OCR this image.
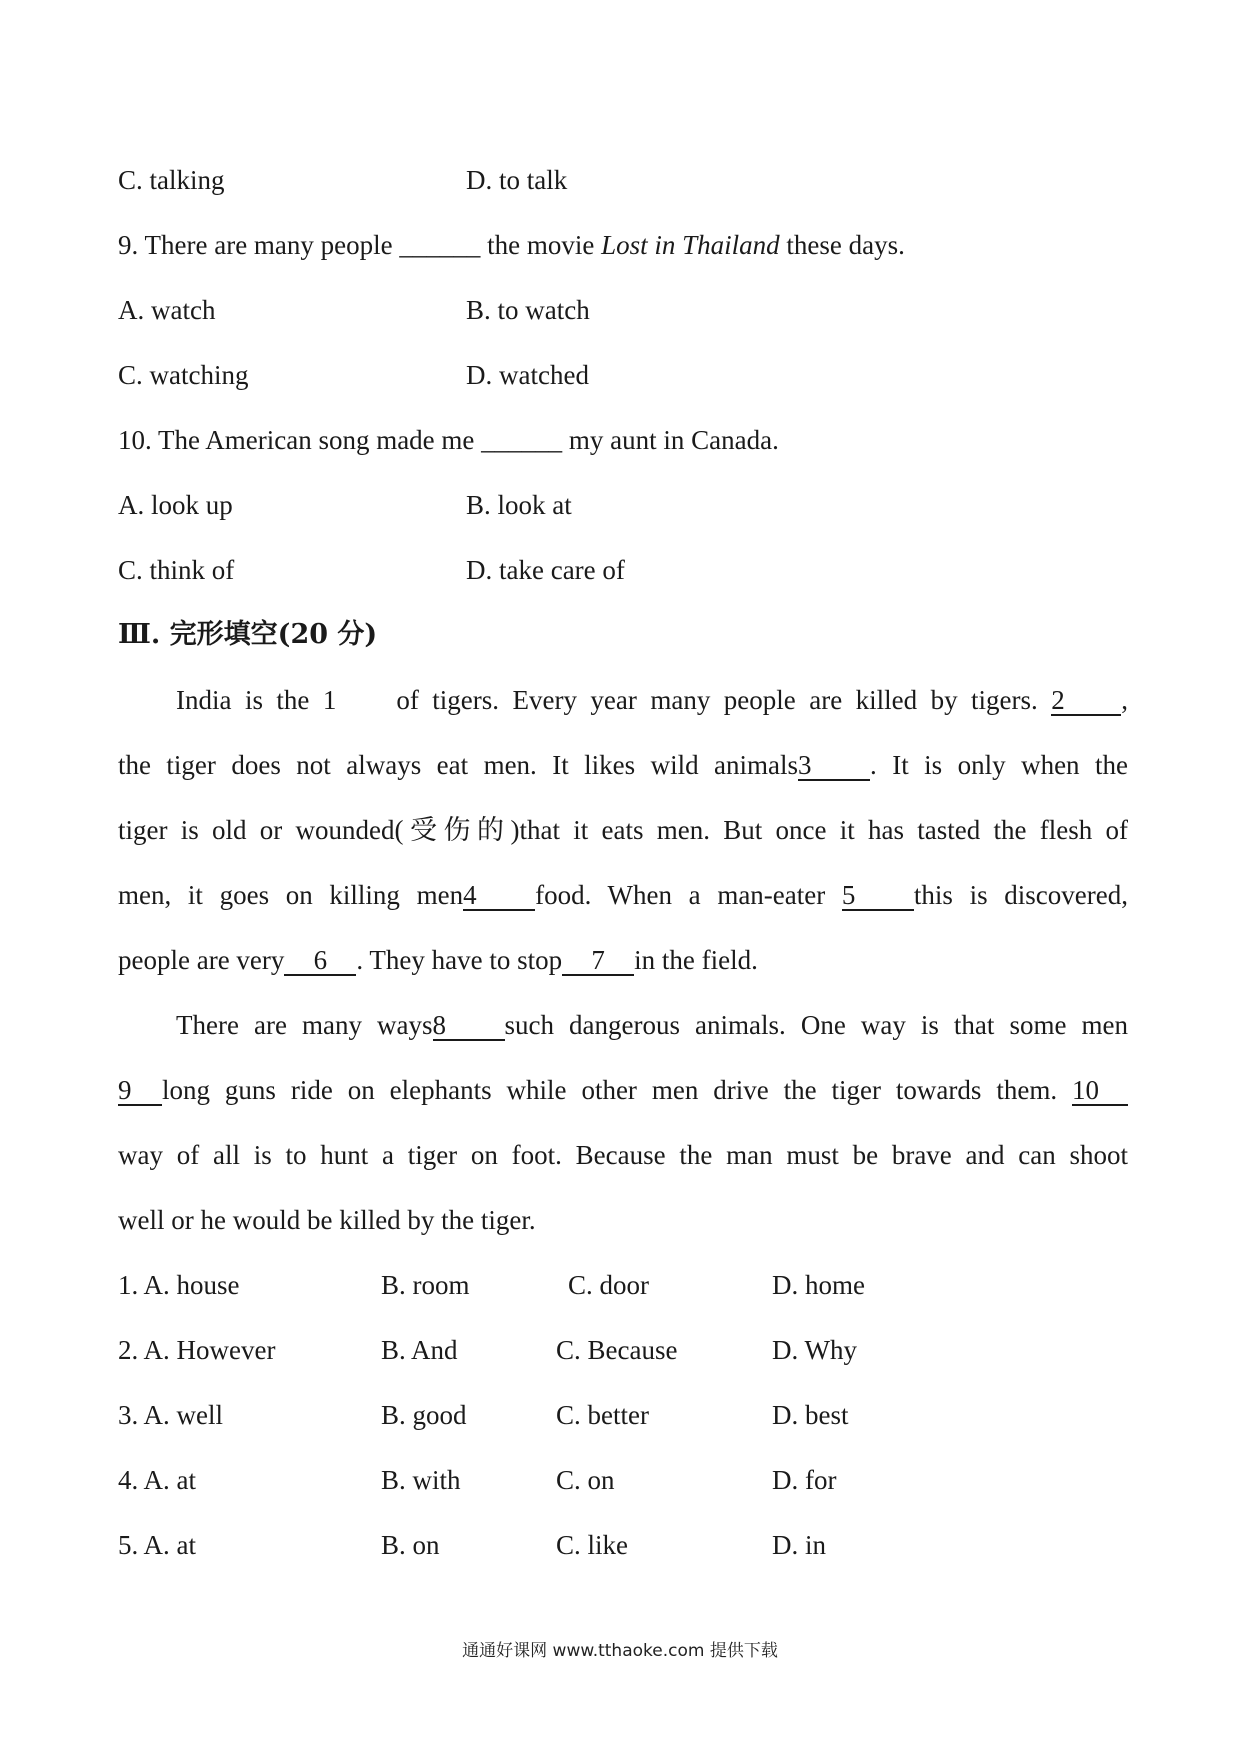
C. talking	D. to talk
9. There are many people ______ the movie Lost in Thailand these days.
A. watch	B. to watch
C. watching	D. watched
10. The American song made me ______ my aunt in Canada.
A. look up	B. look at
C. think of	D. take care of
Ⅲ. 完形填空(20 分)
India is the 1 of tigers. Every year many people are killed by tigers. 2 ,
the tiger does not always eat men. It likes wild animals3 . It is only when the
tiger is old or wounded(受伤的)that it eats men. But once it has tasted the flesh of
men, it goes on killing men4 food. When a man-eater 5 this is discovered,
people are very 6 . They have to stop 7 in the field.
There are many ways8 such dangerous animals. One way is that some men
9 long guns ride on elephants while other men drive the tiger towards them. 10
way of all is to hunt a tiger on foot. Because the man must be brave and can shoot
well or he would be killed by the tiger.
1. A. house	B. room	C. door	D. home
2. A. However	B. And	C. Because	D. Why
3. A. well	B. good	C. better	D. best
4. A. at	B. with	C. on	D. for
5. A. at	B. on	C. like	D. in
通通好课网 www.tthaoke.com 提供下载
